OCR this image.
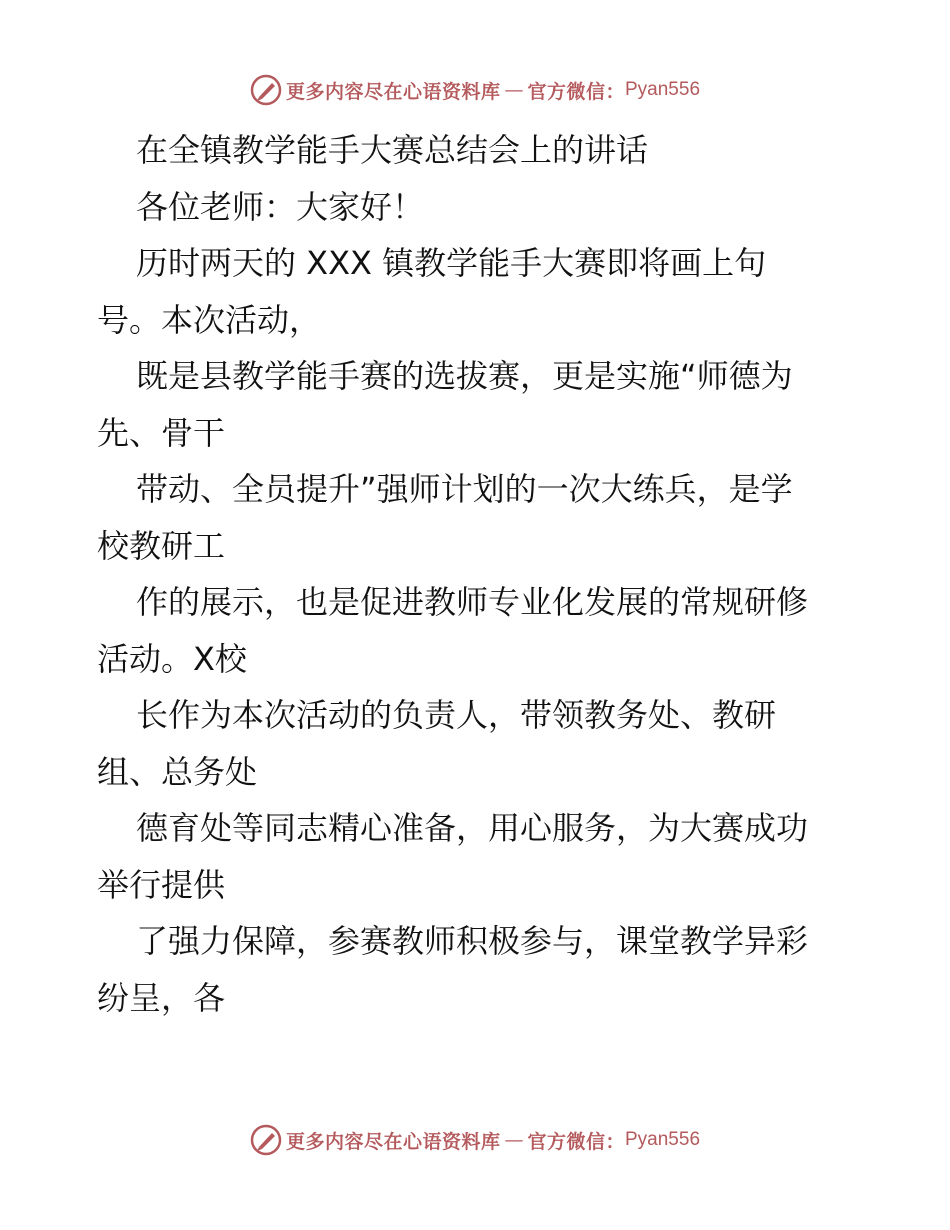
更多内容尽在心语资料库 — 官方微信： Pyan556
在全镇教学能手大赛总结会上的讲话
各位老师：大家好！
历时两天的 XXX 镇教学能手大赛即将画上句
号。本次活动，
既是县教学能手赛的选拔赛，更是实施“师德为
先、骨干
带动、全员提升”强师计划的一次大练兵，是学
校教研工
作的展示，也是促进教师专业化发展的常规研修
活动。X校
长作为本次活动的负责人，带领教务处、教研
组、总务处
德育处等同志精心准备，用心服务，为大赛成功
举行提供
了强力保障，参赛教师积极参与，课堂教学异彩
纷呈，各
更多内容尽在心语资料库 — 官方微信： Pyan556
